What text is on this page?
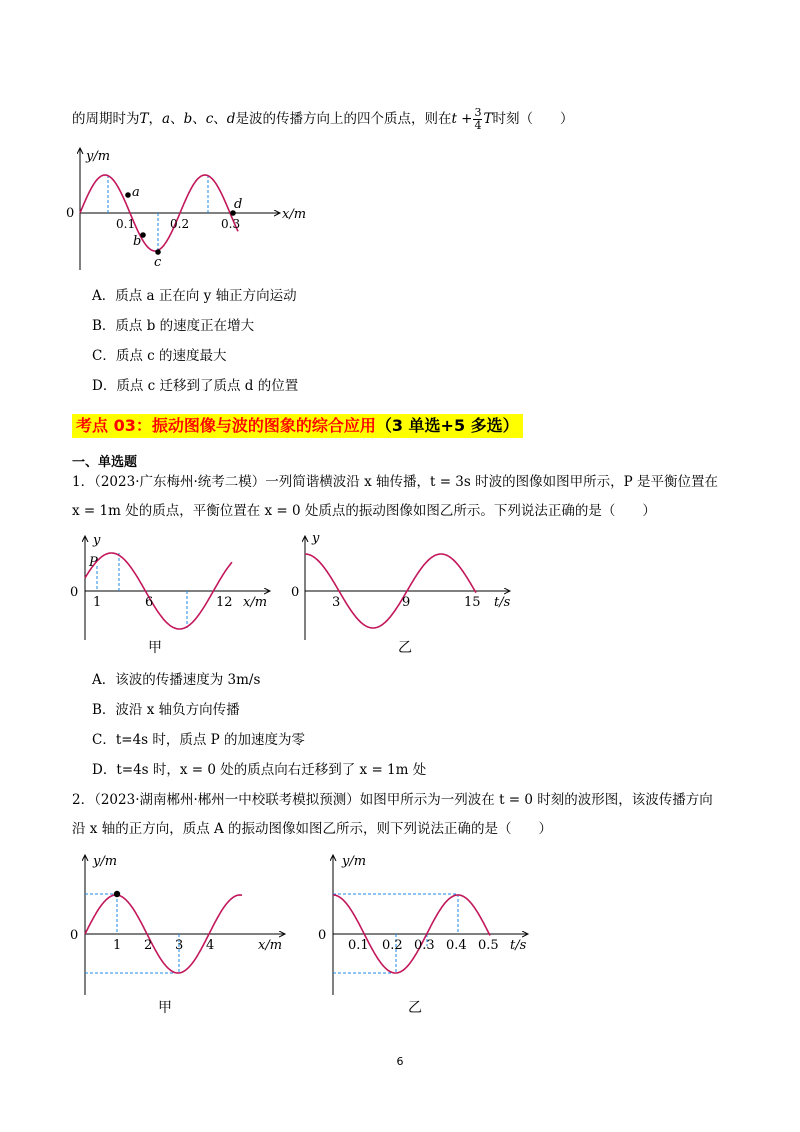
的周期时为T，a、b、c、d是波的传播方向上的四个质点，则在$t + \frac{3}{4}$ T时刻（　　）
y/m
0	x/m
0.1	0.2	0.3
a
b
c
d
A．质点 a 正在向 y 轴正方向运动
B．质点 b 的速度正在增大
C．质点 c 的速度最大
D．质点 c 迁移到了质点 d 的位置
考点 03：振动图像与波的图象的综合应用（3 单选+5 多选）
一、单选题
1．（2023·广东梅州·统考二模）一列简谐横波沿 x 轴传播，t = 3s 时波的图像如图甲所示，P 是平衡位置在
x = 1m 处的质点，平衡位置在 x = 0 处质点的振动图像如图乙所示。下列说法正确的是（　　）
y
P
0
1	6	12 x/m
甲
y
0
3	9	15 t/s
乙
A．该波的传播速度为 3m/s
B．波沿 x 轴负方向传播
C．t=4s 时，质点 P 的加速度为零
D．t=4s 时，x = 0 处的质点向右迁移到了 x = 1m 处
2．（2023·湖南郴州·郴州一中校联考模拟预测）如图甲所示为一列波在 t = 0 时刻的波形图，该波传播方向
沿 x 轴的正方向，质点 A 的振动图像如图乙所示，则下列说法正确的是（　　）
y/m
0
1 2 3 4	x/m
甲
y/m
0
0.1 0.2 0.3 0.4 0.5 t/s
乙
6
